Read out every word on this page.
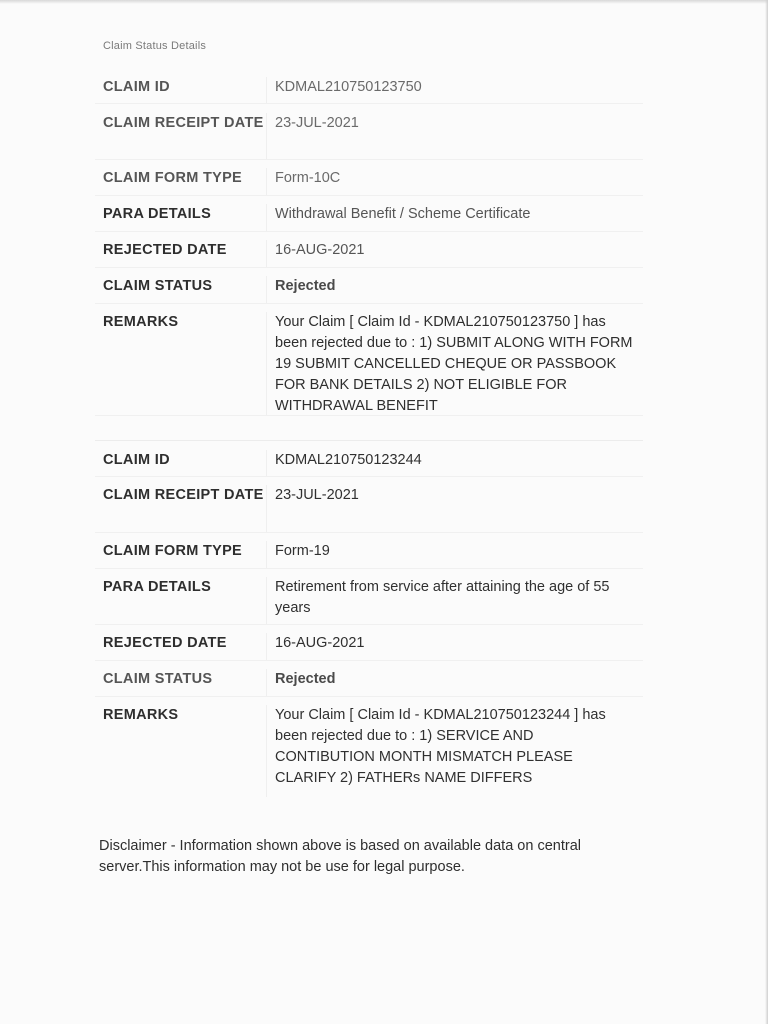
Claim Status Details
CLAIM ID	KDMAL210750123750
CLAIM RECEIPT DATE 23-JUL-2021
CLAIM FORM TYPE	Form-10C
PARA DETAILS	Withdrawal Benefit / Scheme Certificate
REJECTED DATE	16-AUG-2021
CLAIM STATUS	Rejected
REMARKS	Your Claim [ Claim Id - KDMAL210750123750 ] has been rejected due to : 1) SUBMIT ALONG WITH FORM 19 SUBMIT CANCELLED CHEQUE OR PASSBOOK FOR BANK DETAILS 2) NOT ELIGIBLE FOR WITHDRAWAL BENEFIT
CLAIM ID	KDMAL210750123244
CLAIM RECEIPT DATE 23-JUL-2021
CLAIM FORM TYPE	Form-19
PARA DETAILS	Retirement from service after attaining the age of 55 years
REJECTED DATE	16-AUG-2021
CLAIM STATUS	Rejected
REMARKS	Your Claim [ Claim Id - KDMAL210750123244 ] has been rejected due to : 1) SERVICE AND CONTIBUTION MONTH MISMATCH PLEASE CLARIFY 2) FATHERs NAME DIFFERS
Disclaimer - Information shown above is based on available data on central server.This information may not be use for legal purpose.
